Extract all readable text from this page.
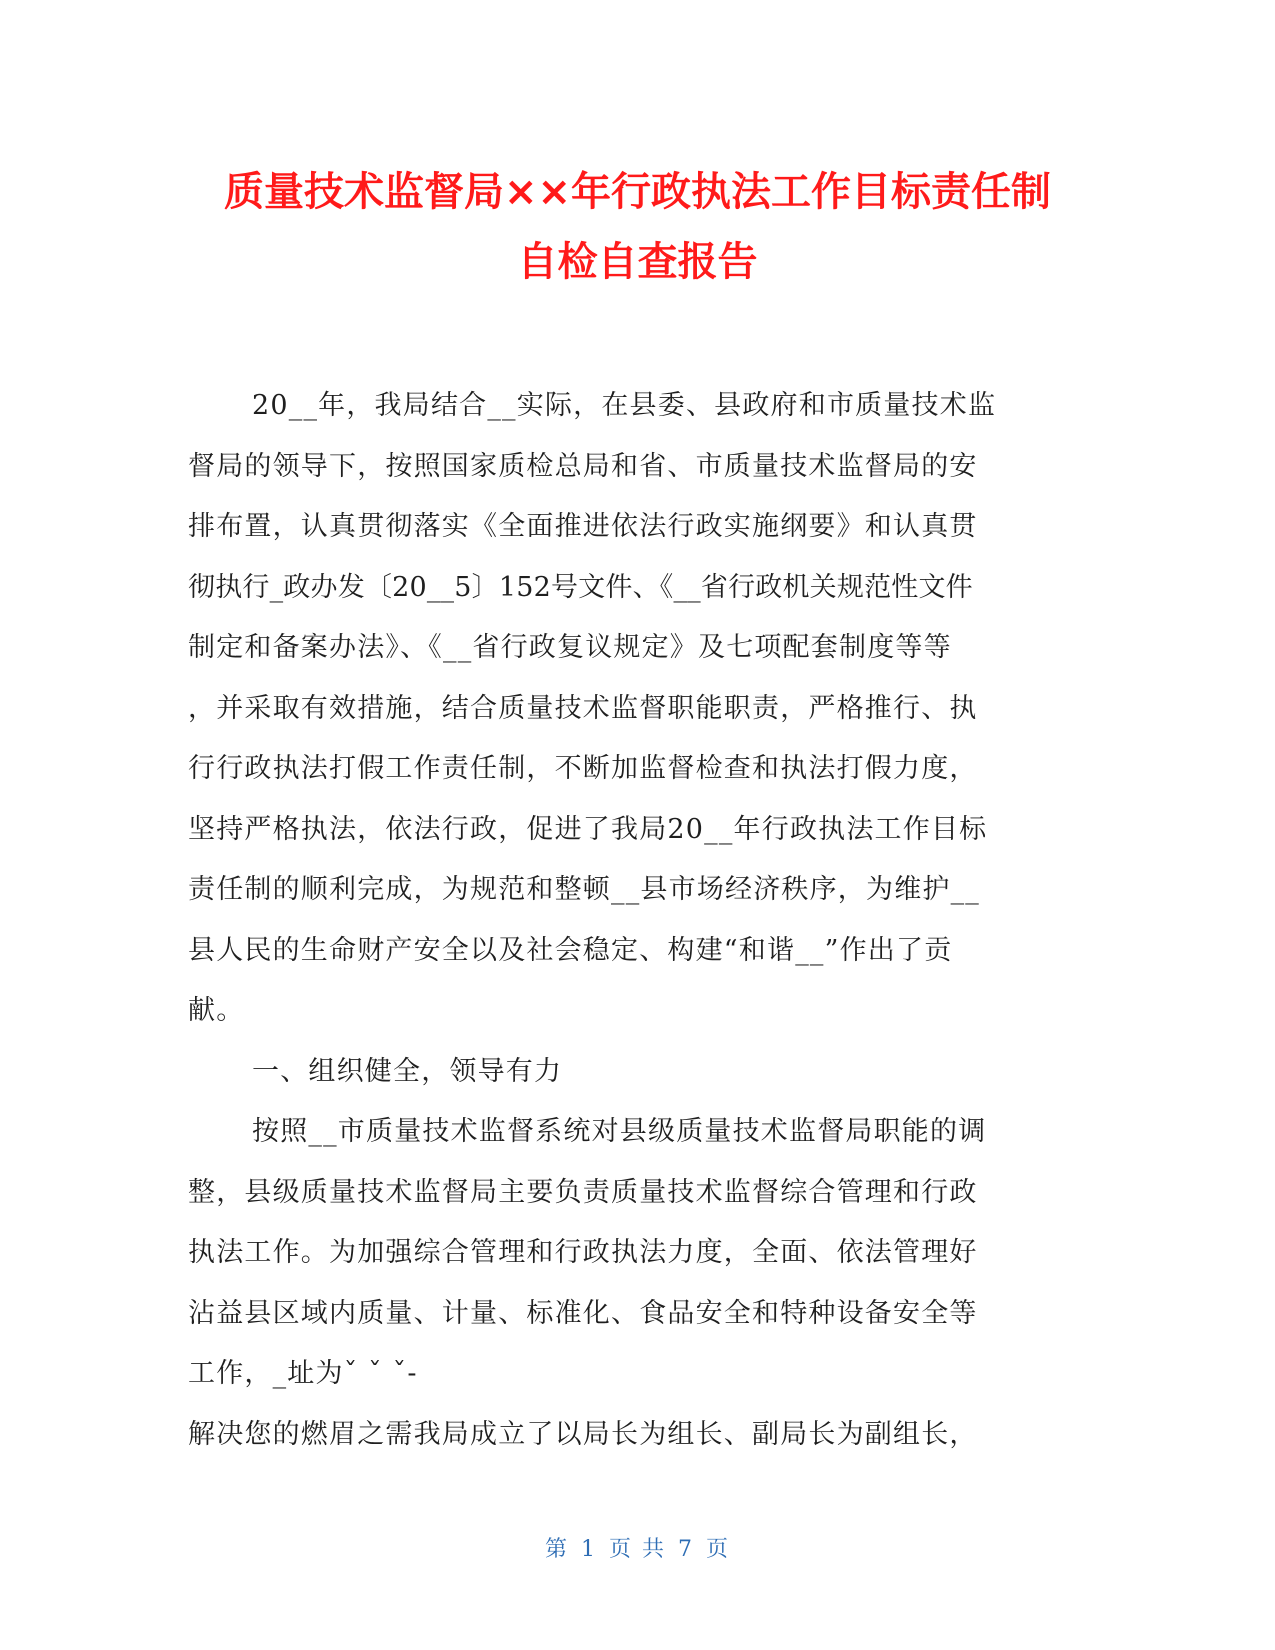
质量技术监督局××年行政执法工作目标责任制
自检自查报告
20__年，我局结合__实际，在县委、县政府和市质量技术监
督局的领导下，按照国家质检总局和省、市质量技术监督局的安
排布置，认真贯彻落实《全面推进依法行政实施纲要》和认真贯
彻执行_政办发〔20__5〕152号文件、《__省行政机关规范性文件
制定和备案办法》、《__省行政复议规定》及七项配套制度等等
，并采取有效措施，结合质量技术监督职能职责，严格推行、执
行行政执法打假工作责任制，不断加监督检查和执法打假力度，
坚持严格执法，依法行政，促进了我局20__年行政执法工作目标
责任制的顺利完成，为规范和整顿__县市场经济秩序，为维护__
县人民的生命财产安全以及社会稳定、构建“和谐__”作出了贡
献。
一、组织健全，领导有力
按照__市质量技术监督系统对县级质量技术监督局职能的调
整，县级质量技术监督局主要负责质量技术监督综合管理和行政
执法工作。为加强综合管理和行政执法力度，全面、依法管理好
沾益县区域内质量、计量、标准化、食品安全和特种设备安全等
工作，_址为ˇ ˇ ˇ-
解决您的燃眉之需我局成立了以局长为组长、副局长为副组长，
第 1 页 共 7 页
